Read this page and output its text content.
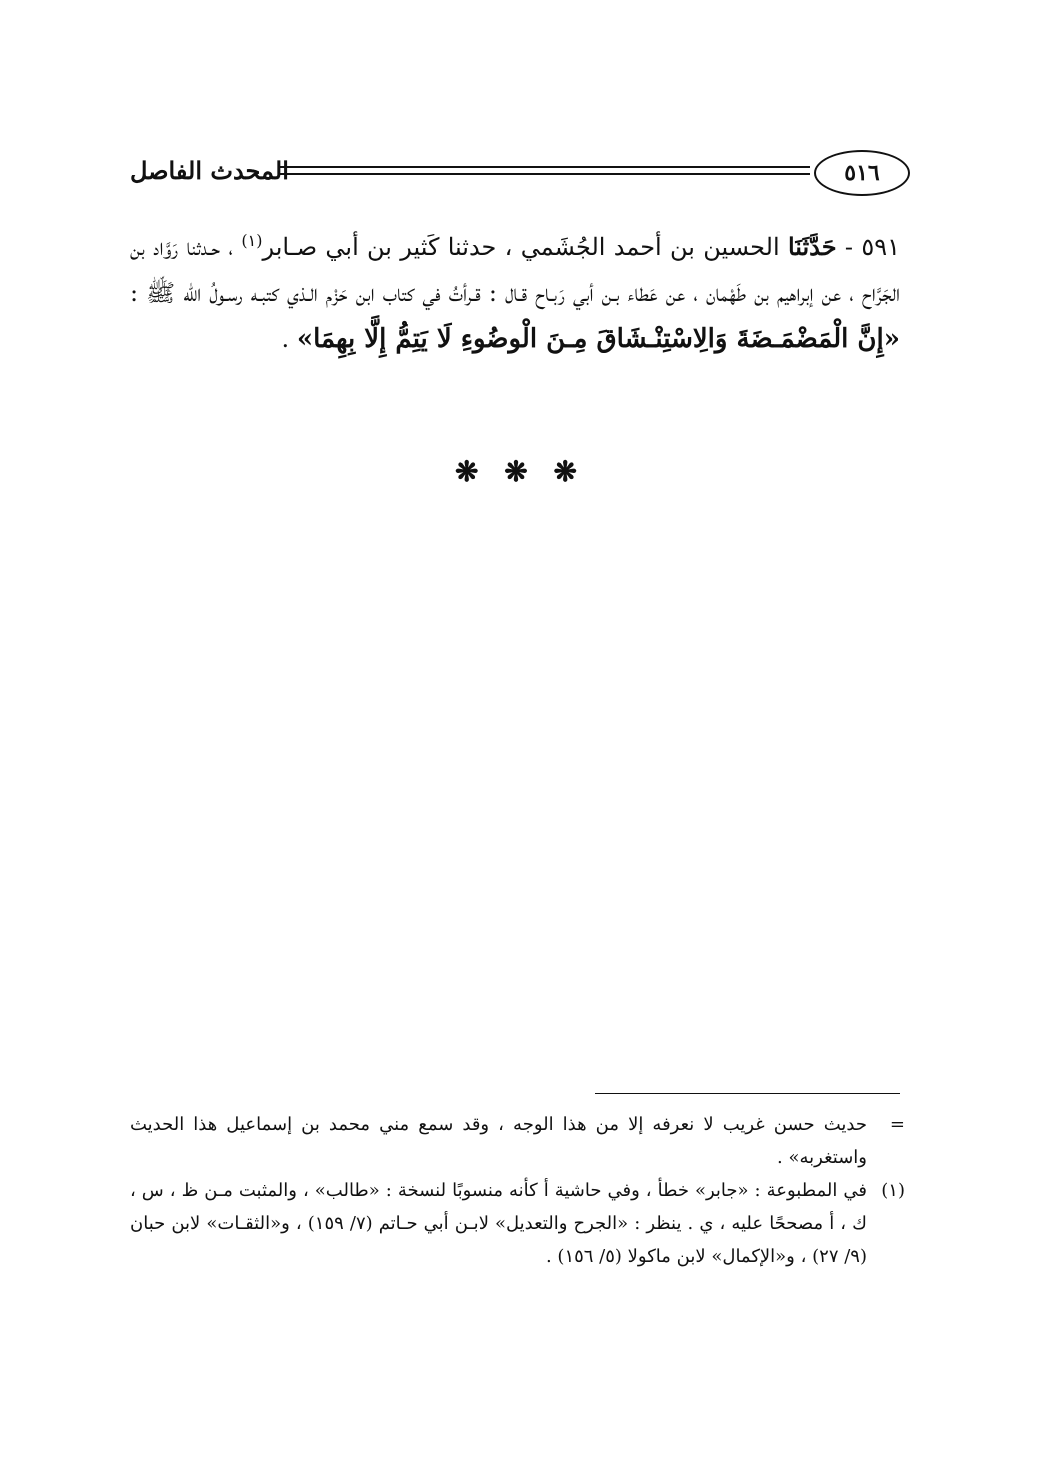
٥١٦
المحدث الفاصل
٥٩١ - حَدَّثَنَا الحسين بن أحمد الجُشَمي ، حدثنا كَثير بن أبي صـابر$^{(١)}$ ، حـدثنا رَوَّاد بن الجَرَّاح ، عن إبراهيم بن طَهْمان ، عن عَطاء بـن أبي رَبـاح قـال : قـرأتُ في كتاب ابن حَزْم الـذي كتبـه رسـولُ الله ﷺ : «إِنَّ الْمَضْمَـضَةَ وَالِاسْتِنْـشَاقَ مِـنَ الْوضُوءِ لَا يَتِمُّ إِلَّا بِهِمَا» .
❋ ❋ ❋
=
حديث حسن غريب لا نعرفه إلا من هذا الوجه ، وقد سمع مني محمد بن إسماعيل هذا الحديث واستغربه» .
(١)
في المطبوعة : «جابر» خطأ ، وفي حاشية أ كأنه منسوبًا لنسخة : «طالب» ، والمثبت مـن ظ ، س ، ك ، أ مصححًا عليه ، ي . ينظر : «الجرح والتعديل» لابـن أبي حـاتم (٧/ ١٥٩) ، و«الثقـات» لابن حبان (٩/ ٢٧) ، و«الإكمال» لابن ماكولا (٥/ ١٥٦) .
